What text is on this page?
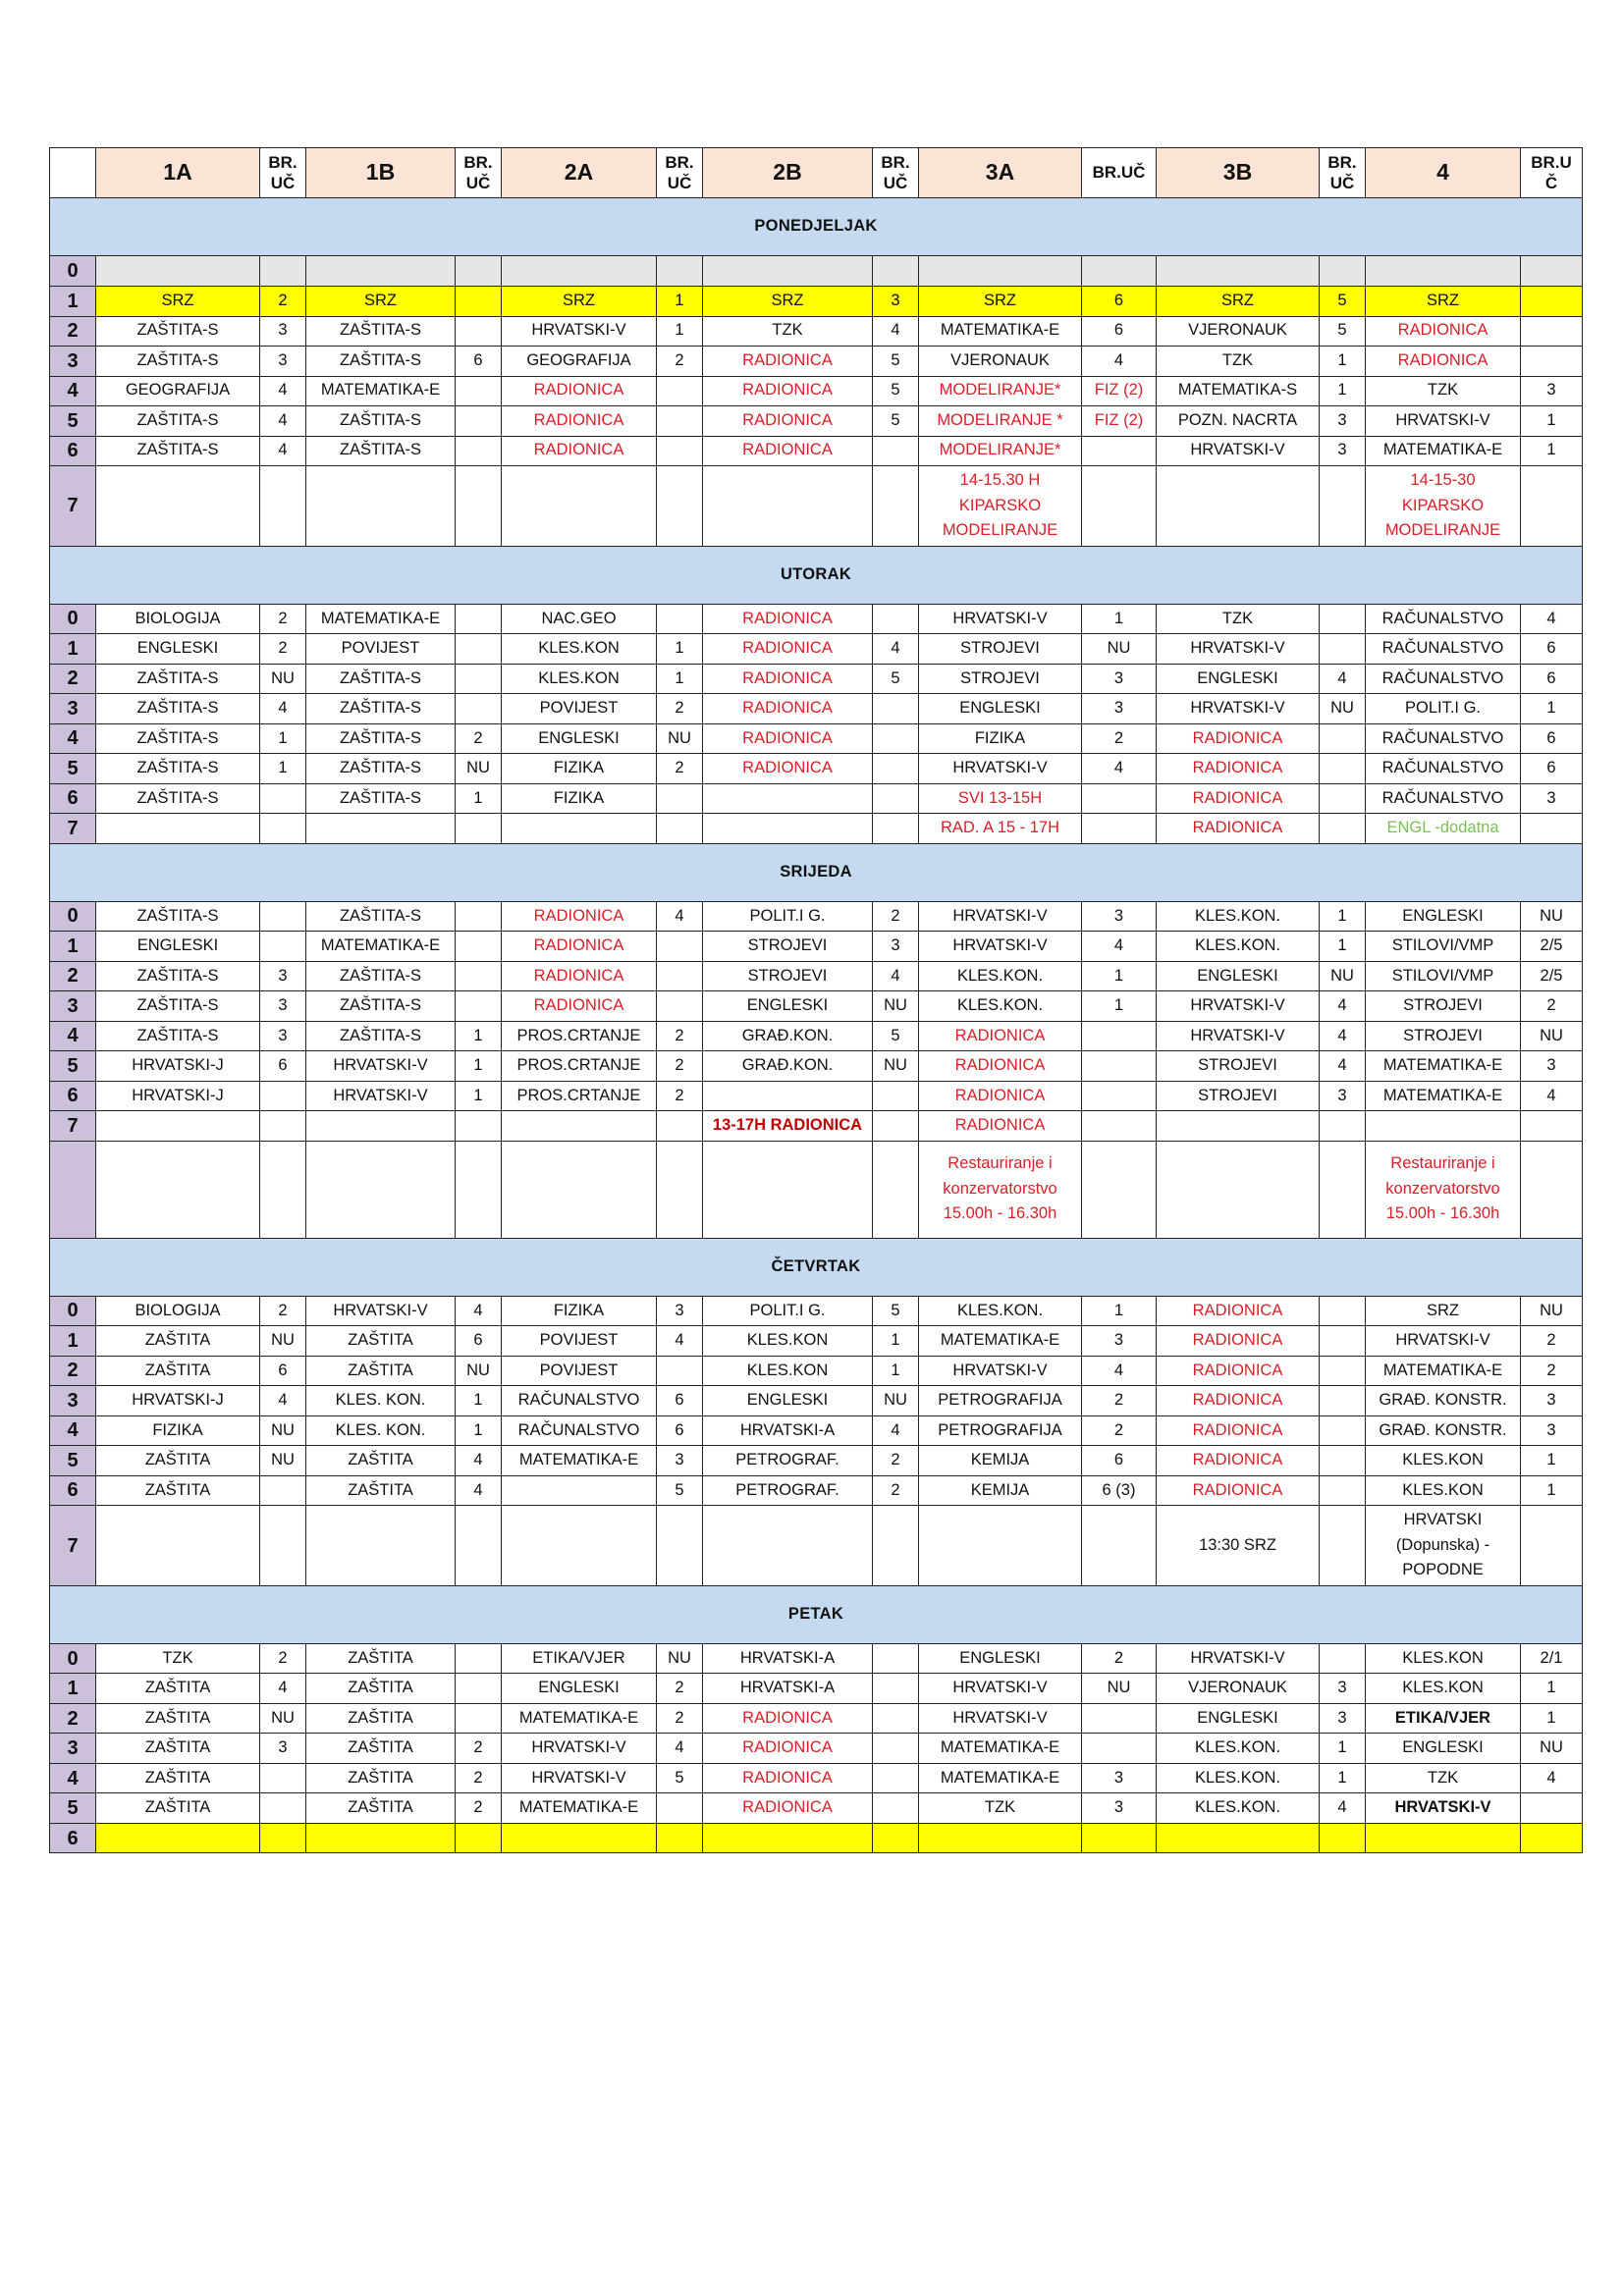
	1A	BR.
UČ	1B	BR.
UČ	2A	BR.
UČ	2B	BR.
UČ	3A	BR.UČ	3B	BR.
UČ	4	BR.U
Č
PONEDJELJAK														
0														
1	SRZ	2	SRZ		SRZ	1	SRZ	3	SRZ	6	SRZ	5	SRZ	
2	ZAŠTITA-S	3	ZAŠTITA-S		HRVATSKI-V	1	TZK	4	MATEMATIKA-E	6	VJERONAUK	5	RADIONICA	
3	ZAŠTITA-S	3	ZAŠTITA-S	6	GEOGRAFIJA	2	RADIONICA	5	VJERONAUK	4	TZK	1	RADIONICA	
4	GEOGRAFIJA	4	MATEMATIKA-E		RADIONICA		RADIONICA	5	MODELIRANJE*	FIZ (2)	MATEMATIKA-S	1	TZK	3
5	ZAŠTITA-S	4	ZAŠTITA-S		RADIONICA		RADIONICA	5	MODELIRANJE *	FIZ (2)	POZN. NACRTA	3	HRVATSKI-V	1
6	ZAŠTITA-S	4	ZAŠTITA-S		RADIONICA		RADIONICA		MODELIRANJE*		HRVATSKI-V	3	MATEMATIKA-E	1
7									14-15.30 H KIPARSKO MODELIRANJE				14-15-30 KIPARSKO MODELIRANJE	
UTORAK														
0	BIOLOGIJA	2	MATEMATIKA-E		NAC.GEO		RADIONICA		HRVATSKI-V	1	TZK		RAČUNALSTVO	4
1	ENGLESKI	2	POVIJEST		KLES.KON	1	RADIONICA	4	STROJEVI	NU	HRVATSKI-V		RAČUNALSTVO	6
2	ZAŠTITA-S	NU	ZAŠTITA-S		KLES.KON	1	RADIONICA	5	STROJEVI	3	ENGLESKI	4	RAČUNALSTVO	6
3	ZAŠTITA-S	4	ZAŠTITA-S		POVIJEST	2	RADIONICA		ENGLESKI	3	HRVATSKI-V	NU	POLIT.I G.	1
4	ZAŠTITA-S	1	ZAŠTITA-S	2	ENGLESKI	NU	RADIONICA		FIZIKA	2	RADIONICA		RAČUNALSTVO	6
5	ZAŠTITA-S	1	ZAŠTITA-S	NU	FIZIKA	2	RADIONICA		HRVATSKI-V	4	RADIONICA		RAČUNALSTVO	6
6	ZAŠTITA-S		ZAŠTITA-S	1	FIZIKA				SVI 13-15H		RADIONICA		RAČUNALSTVO	3
7									RAD. A 15 - 17H		RADIONICA		ENGL -dodatna	
SRIJEDA														
0	ZAŠTITA-S		ZAŠTITA-S		RADIONICA	4	POLIT.I G.	2	HRVATSKI-V	3	KLES.KON.	1	ENGLESKI	NU
1	ENGLESKI		MATEMATIKA-E		RADIONICA		STROJEVI	3	HRVATSKI-V	4	KLES.KON.	1	STILOVI/VMP	2/5
2	ZAŠTITA-S	3	ZAŠTITA-S		RADIONICA		STROJEVI	4	KLES.KON.	1	ENGLESKI	NU	STILOVI/VMP	2/5
3	ZAŠTITA-S	3	ZAŠTITA-S		RADIONICA		ENGLESKI	NU	KLES.KON.	1	HRVATSKI-V	4	STROJEVI	2
4	ZAŠTITA-S	3	ZAŠTITA-S	1	PROS.CRTANJE	2	GRAĐ.KON.	5	RADIONICA		HRVATSKI-V	4	STROJEVI	NU
5	HRVATSKI-J	6	HRVATSKI-V	1	PROS.CRTANJE	2	GRAĐ.KON.	NU	RADIONICA		STROJEVI	4	MATEMATIKA-E	3
6	HRVATSKI-J		HRVATSKI-V	1	PROS.CRTANJE	2			RADIONICA		STROJEVI	3	MATEMATIKA-E	4
7							13-17H RADIONICA		RADIONICA					
									Restauriranje i konzervatorstvo 15.00h - 16.30h				Restauriranje i konzervatorstvo 15.00h - 16.30h	
ČETVRTAK														
0	BIOLOGIJA	2	HRVATSKI-V	4	FIZIKA	3	POLIT.I G.	5	KLES.KON.	1	RADIONICA		SRZ	NU
1	ZAŠTITA	NU	ZAŠTITA	6	POVIJEST	4	KLES.KON	1	MATEMATIKA-E	3	RADIONICA		HRVATSKI-V	2
2	ZAŠTITA	6	ZAŠTITA	NU	POVIJEST		KLES.KON	1	HRVATSKI-V	4	RADIONICA		MATEMATIKA-E	2
3	HRVATSKI-J	4	KLES. KON.	1	RAČUNALSTVO	6	ENGLESKI	NU	PETROGRAFIJA	2	RADIONICA		GRAĐ. KONSTR.	3
4	FIZIKA	NU	KLES. KON.	1	RAČUNALSTVO	6	HRVATSKI-A	4	PETROGRAFIJA	2	RADIONICA		GRAĐ. KONSTR.	3
5	ZAŠTITA	NU	ZAŠTITA	4	MATEMATIKA-E	3	PETROGRAF.	2	KEMIJA	6	RADIONICA		KLES.KON	1
6	ZAŠTITA		ZAŠTITA	4		5	PETROGRAF.	2	KEMIJA	6 (3)	RADIONICA		KLES.KON	1
7											13:30 SRZ		HRVATSKI (Dopunska) - POPODNE	
PETAK														
0	TZK	2	ZAŠTITA		ETIKA/VJER	NU	HRVATSKI-A		ENGLESKI	2	HRVATSKI-V		KLES.KON	2/1
1	ZAŠTITA	4	ZAŠTITA		ENGLESKI	2	HRVATSKI-A		HRVATSKI-V	NU	VJERONAUK	3	KLES.KON	1
2	ZAŠTITA	NU	ZAŠTITA		MATEMATIKA-E	2	RADIONICA		HRVATSKI-V		ENGLESKI	3	ETIKA/VJER	1
3	ZAŠTITA	3	ZAŠTITA	2	HRVATSKI-V	4	RADIONICA		MATEMATIKA-E		KLES.KON.	1	ENGLESKI	NU
4	ZAŠTITA		ZAŠTITA	2	HRVATSKI-V	5	RADIONICA		MATEMATIKA-E	3	KLES.KON.	1	TZK	4
5	ZAŠTITA		ZAŠTITA	2	MATEMATIKA-E		RADIONICA		TZK	3	KLES.KON.	4	HRVATSKI-V	
6														
